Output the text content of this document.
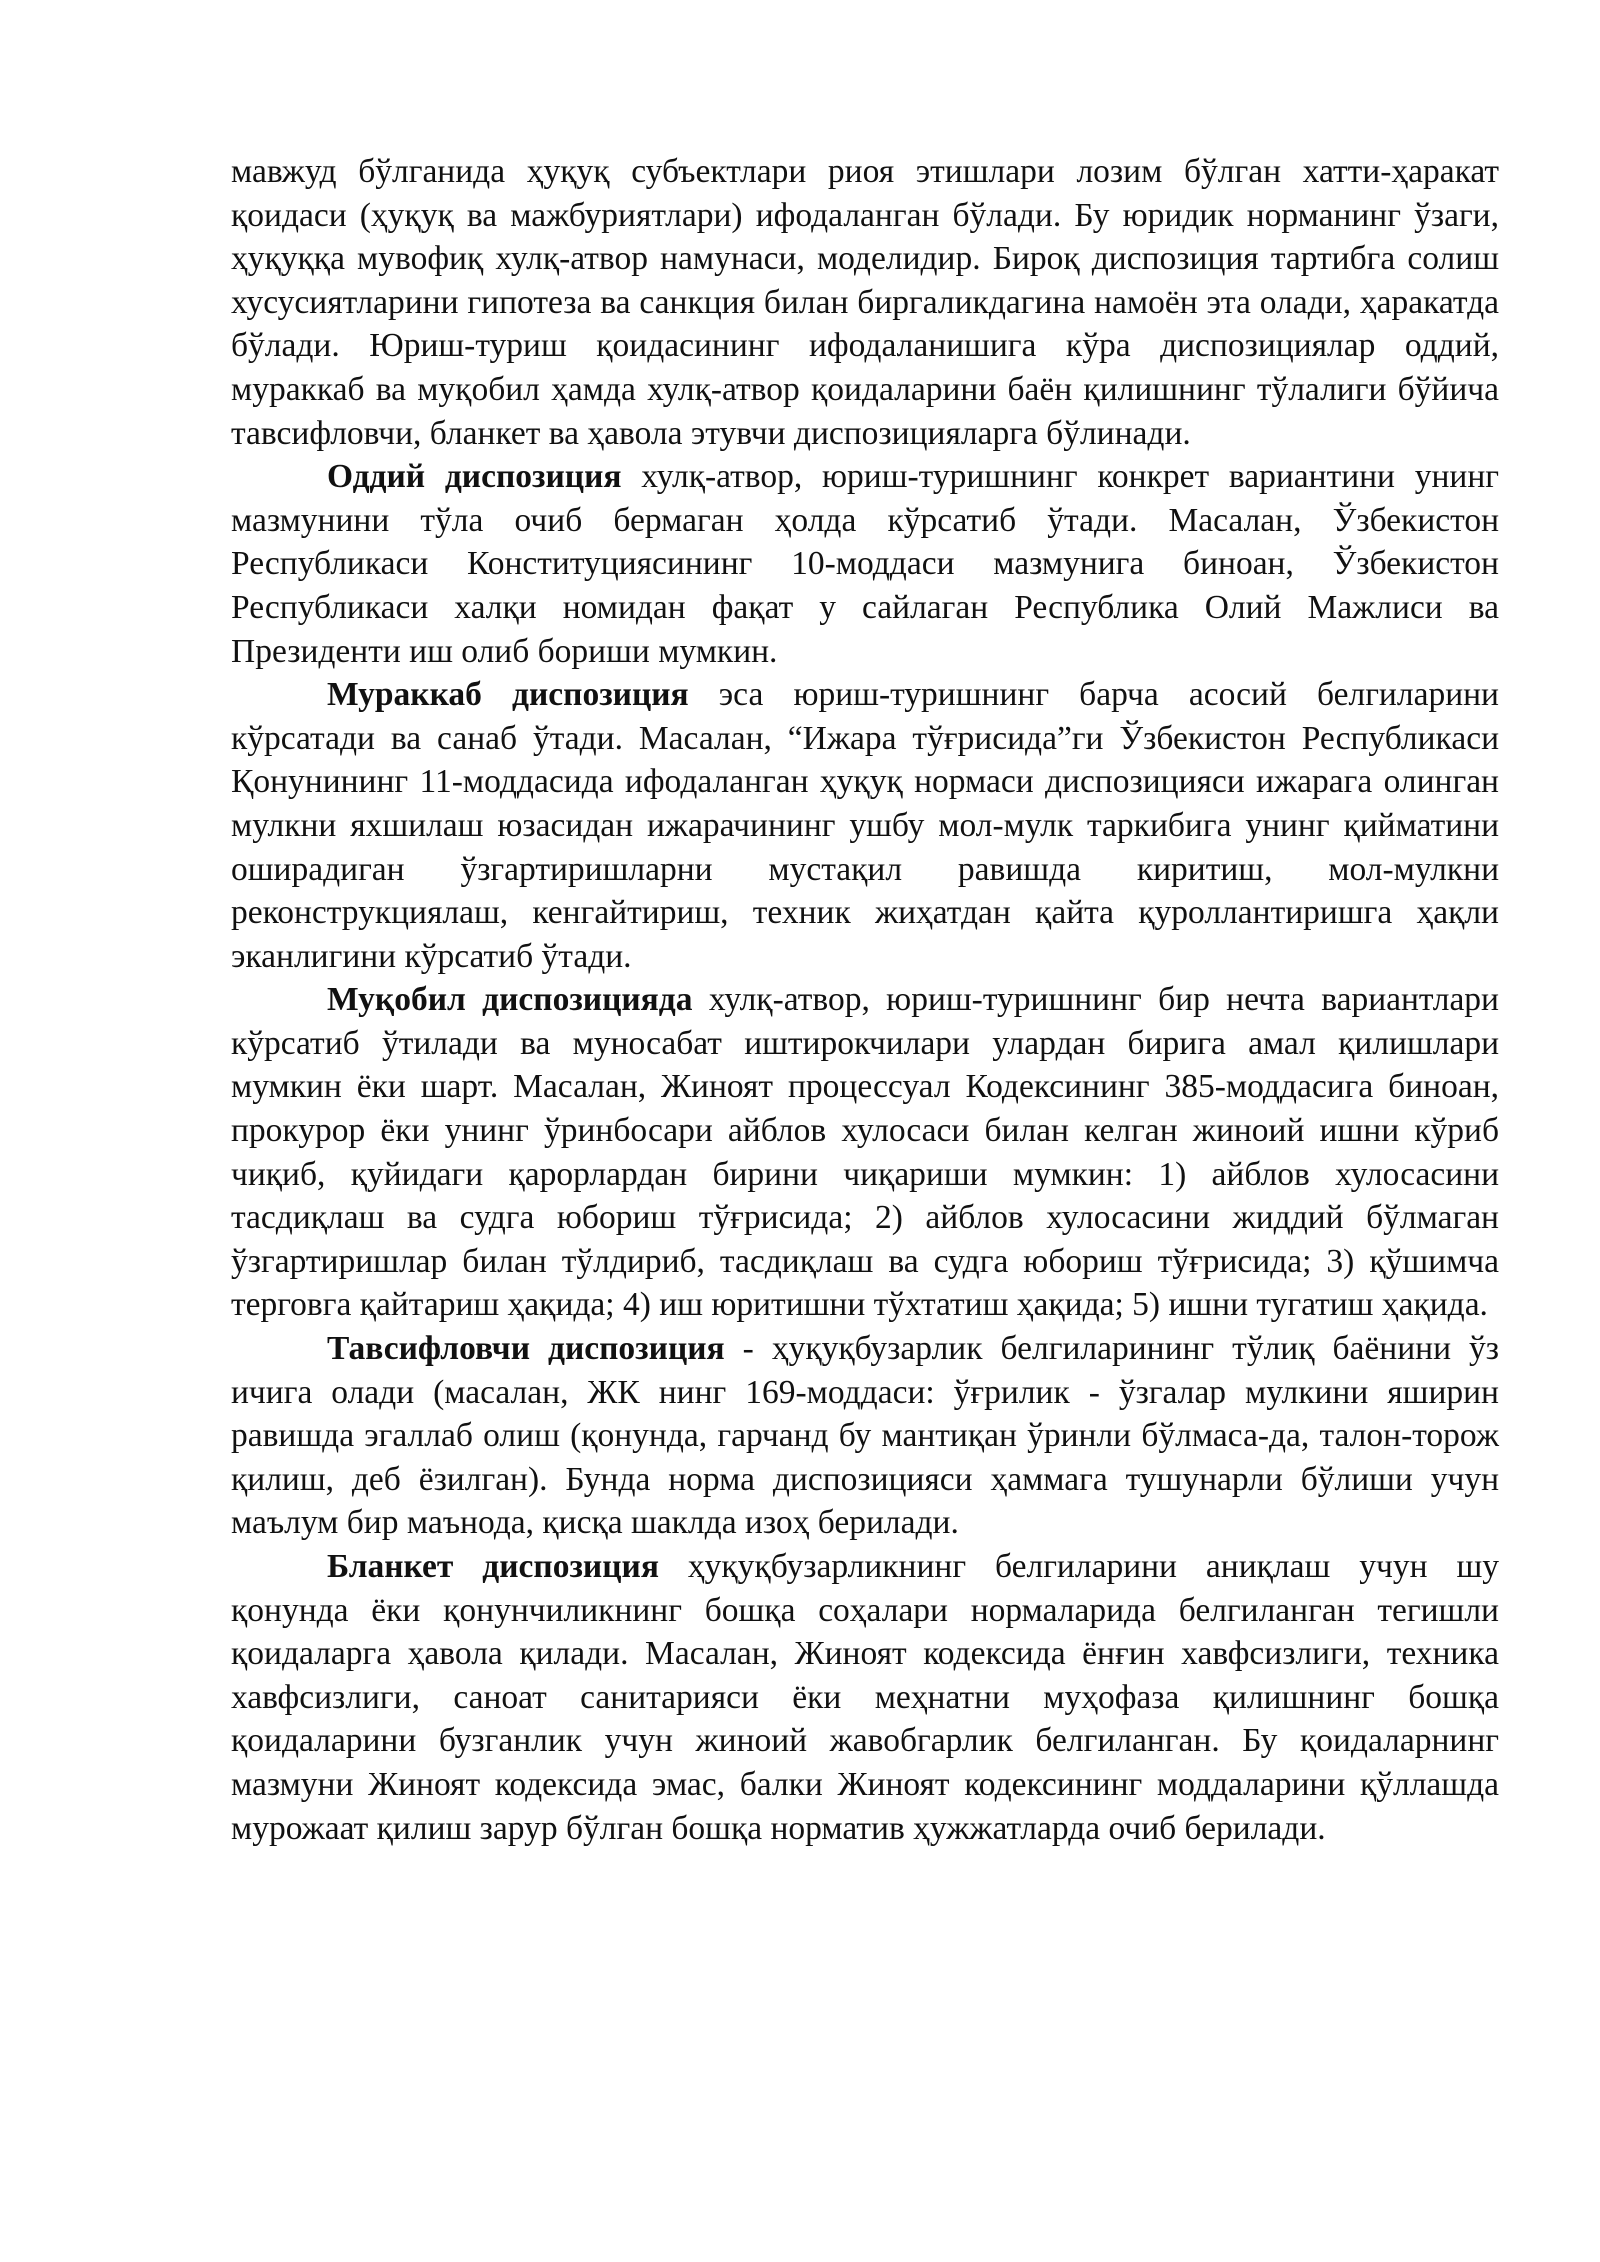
мавжуд бўлганида ҳуқуқ субъектлари риоя этишлари лозим бўлган хатти-ҳаракат қоидаси (ҳуқуқ ва мажбуриятлари) ифодаланган бўлади. Бу юридик норманинг ўзаги, ҳуқуққа мувофиқ хулқ-атвор намунаси, моделидир. Бироқ диспозиция тартибга солиш хусусиятларини гипотеза ва санкция билан биргаликдагина намоён эта олади, ҳаракатда бўлади. Юриш-туриш қоидасининг ифодаланишига кўра диспозициялар оддий, мураккаб ва муқобил ҳамда хулқ-атвор қоидаларини баён қилишнинг тўлалиги бўйича тавсифловчи, бланкет ва ҳавола этувчи диспозицияларга бўлинади.

Оддий диспозиция хулқ-атвор, юриш-туришнинг конкрет вариантини унинг мазмунини тўла очиб бермаган ҳолда кўрсатиб ўтади. Масалан, Ўзбекистон Республикаси Конституциясининг 10-моддаси мазмунига биноан, Ўзбекистон Республикаси халқи номидан фақат у сайлаган Республика Олий Мажлиси ва Президенти иш олиб бориши мумкин.

Мураккаб диспозиция эса юриш-туришнинг барча асосий белгиларини кўрсатади ва санаб ўтади. Масалан, “Ижара тўғрисида”ги Ўзбекистон Республикаси Қонунининг 11-моддасида ифодаланган ҳуқуқ нормаси диспозицияси ижарага олинган мулкни яхшилаш юзасидан ижарачининг ушбу мол-мулк таркибига унинг қийматини оширадиган ўзгартиришларни мустақил равишда киритиш, мол-мулкни реконструкциялаш, кенгайтириш, техник жиҳатдан қайта қуроллантиришга ҳақли эканлигини кўрсатиб ўтади.

Муқобил диспозицияда хулқ-атвор, юриш-туришнинг бир нечта вариантлари кўрсатиб ўтилади ва муносабат иштирокчилари улардан бирига амал қилишлари мумкин ёки шарт. Масалан, Жиноят процессуал Кодексининг 385-моддасига биноан, прокурор ёки унинг ўринбосари айблов хулосаси билан келган жиноий ишни кўриб чиқиб, қуйидаги қарорлардан бирини чиқариши мумкин: 1) айблов хулосасини тасдиқлаш ва судга юбориш тўғрисида; 2) айблов хулосасини жиддий бўлмаган ўзгартиришлар билан тўлдириб, тасдиқлаш ва судга юбориш тўғрисида; 3) қўшимча терговга қайтариш ҳақида; 4) иш юритишни тўхтатиш ҳақида; 5) ишни тугатиш ҳақида.

Тавсифловчи диспозиция - ҳуқуқбузарлик белгиларининг тўлиқ баёнини ўз ичига олади (масалан, ЖК нинг 169-моддаси: ўғрилик - ўзгалар мулкини яширин равишда эгаллаб олиш (қонунда, гарчанд бу мантиқан ўринли бўлмаса-да, талон-торож қилиш, деб ёзилган). Бунда норма диспозицияси ҳаммага тушунарли бўлиши учун маълум бир маънода, қисқа шаклда изоҳ берилади.

Бланкет диспозиция ҳуқуқбузарликнинг белгиларини аниқлаш учун шу қонунда ёки қонунчиликнинг бошқа соҳалари нормаларида белгиланган тегишли қоидаларга ҳавола қилади. Масалан, Жиноят кодексида ёнғин хавфсизлиги, техника хавфсизлиги, саноат санитарияси ёки меҳнатни муҳофаза қилишнинг бошқа қоидаларини бузганлик учун жиноий жавобгарлик белгиланган. Бу қоидаларнинг мазмуни Жиноят кодексида эмас, балки Жиноят кодексининг моддаларини қўллашда мурожаат қилиш зарур бўлган бошқа норматив ҳужжатларда очиб берилади.
